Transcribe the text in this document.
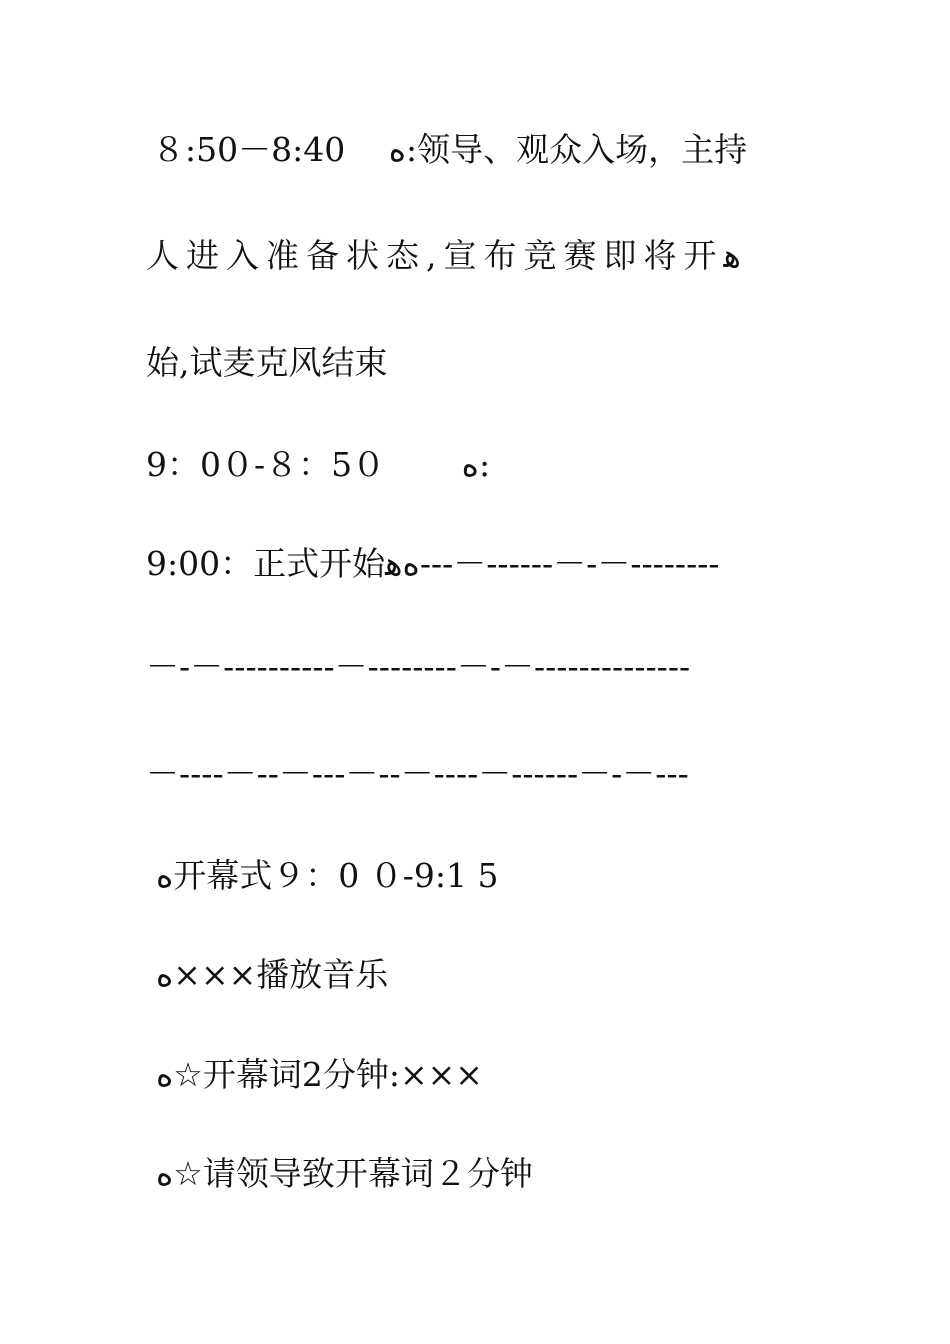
８:50－8:40　 ﻩ:领导、观众入场，主持
人进入准备状态,宣布竞赛即将开ﻫ
始,试麦克风结束
9：0０-８：5０　　 ﻩ:
9:00：正式开始ﻩﻫ---－------－-－--------
－-－----------－--------－-－--------------
－----－--－---－--－----－------－-－---
ﻩ开幕式９：0 ０-9:1 5
ﻩ×××播放音乐
ﻩ☆开幕词2分钟:×××
ﻩ☆请领导致开幕词２分钟
